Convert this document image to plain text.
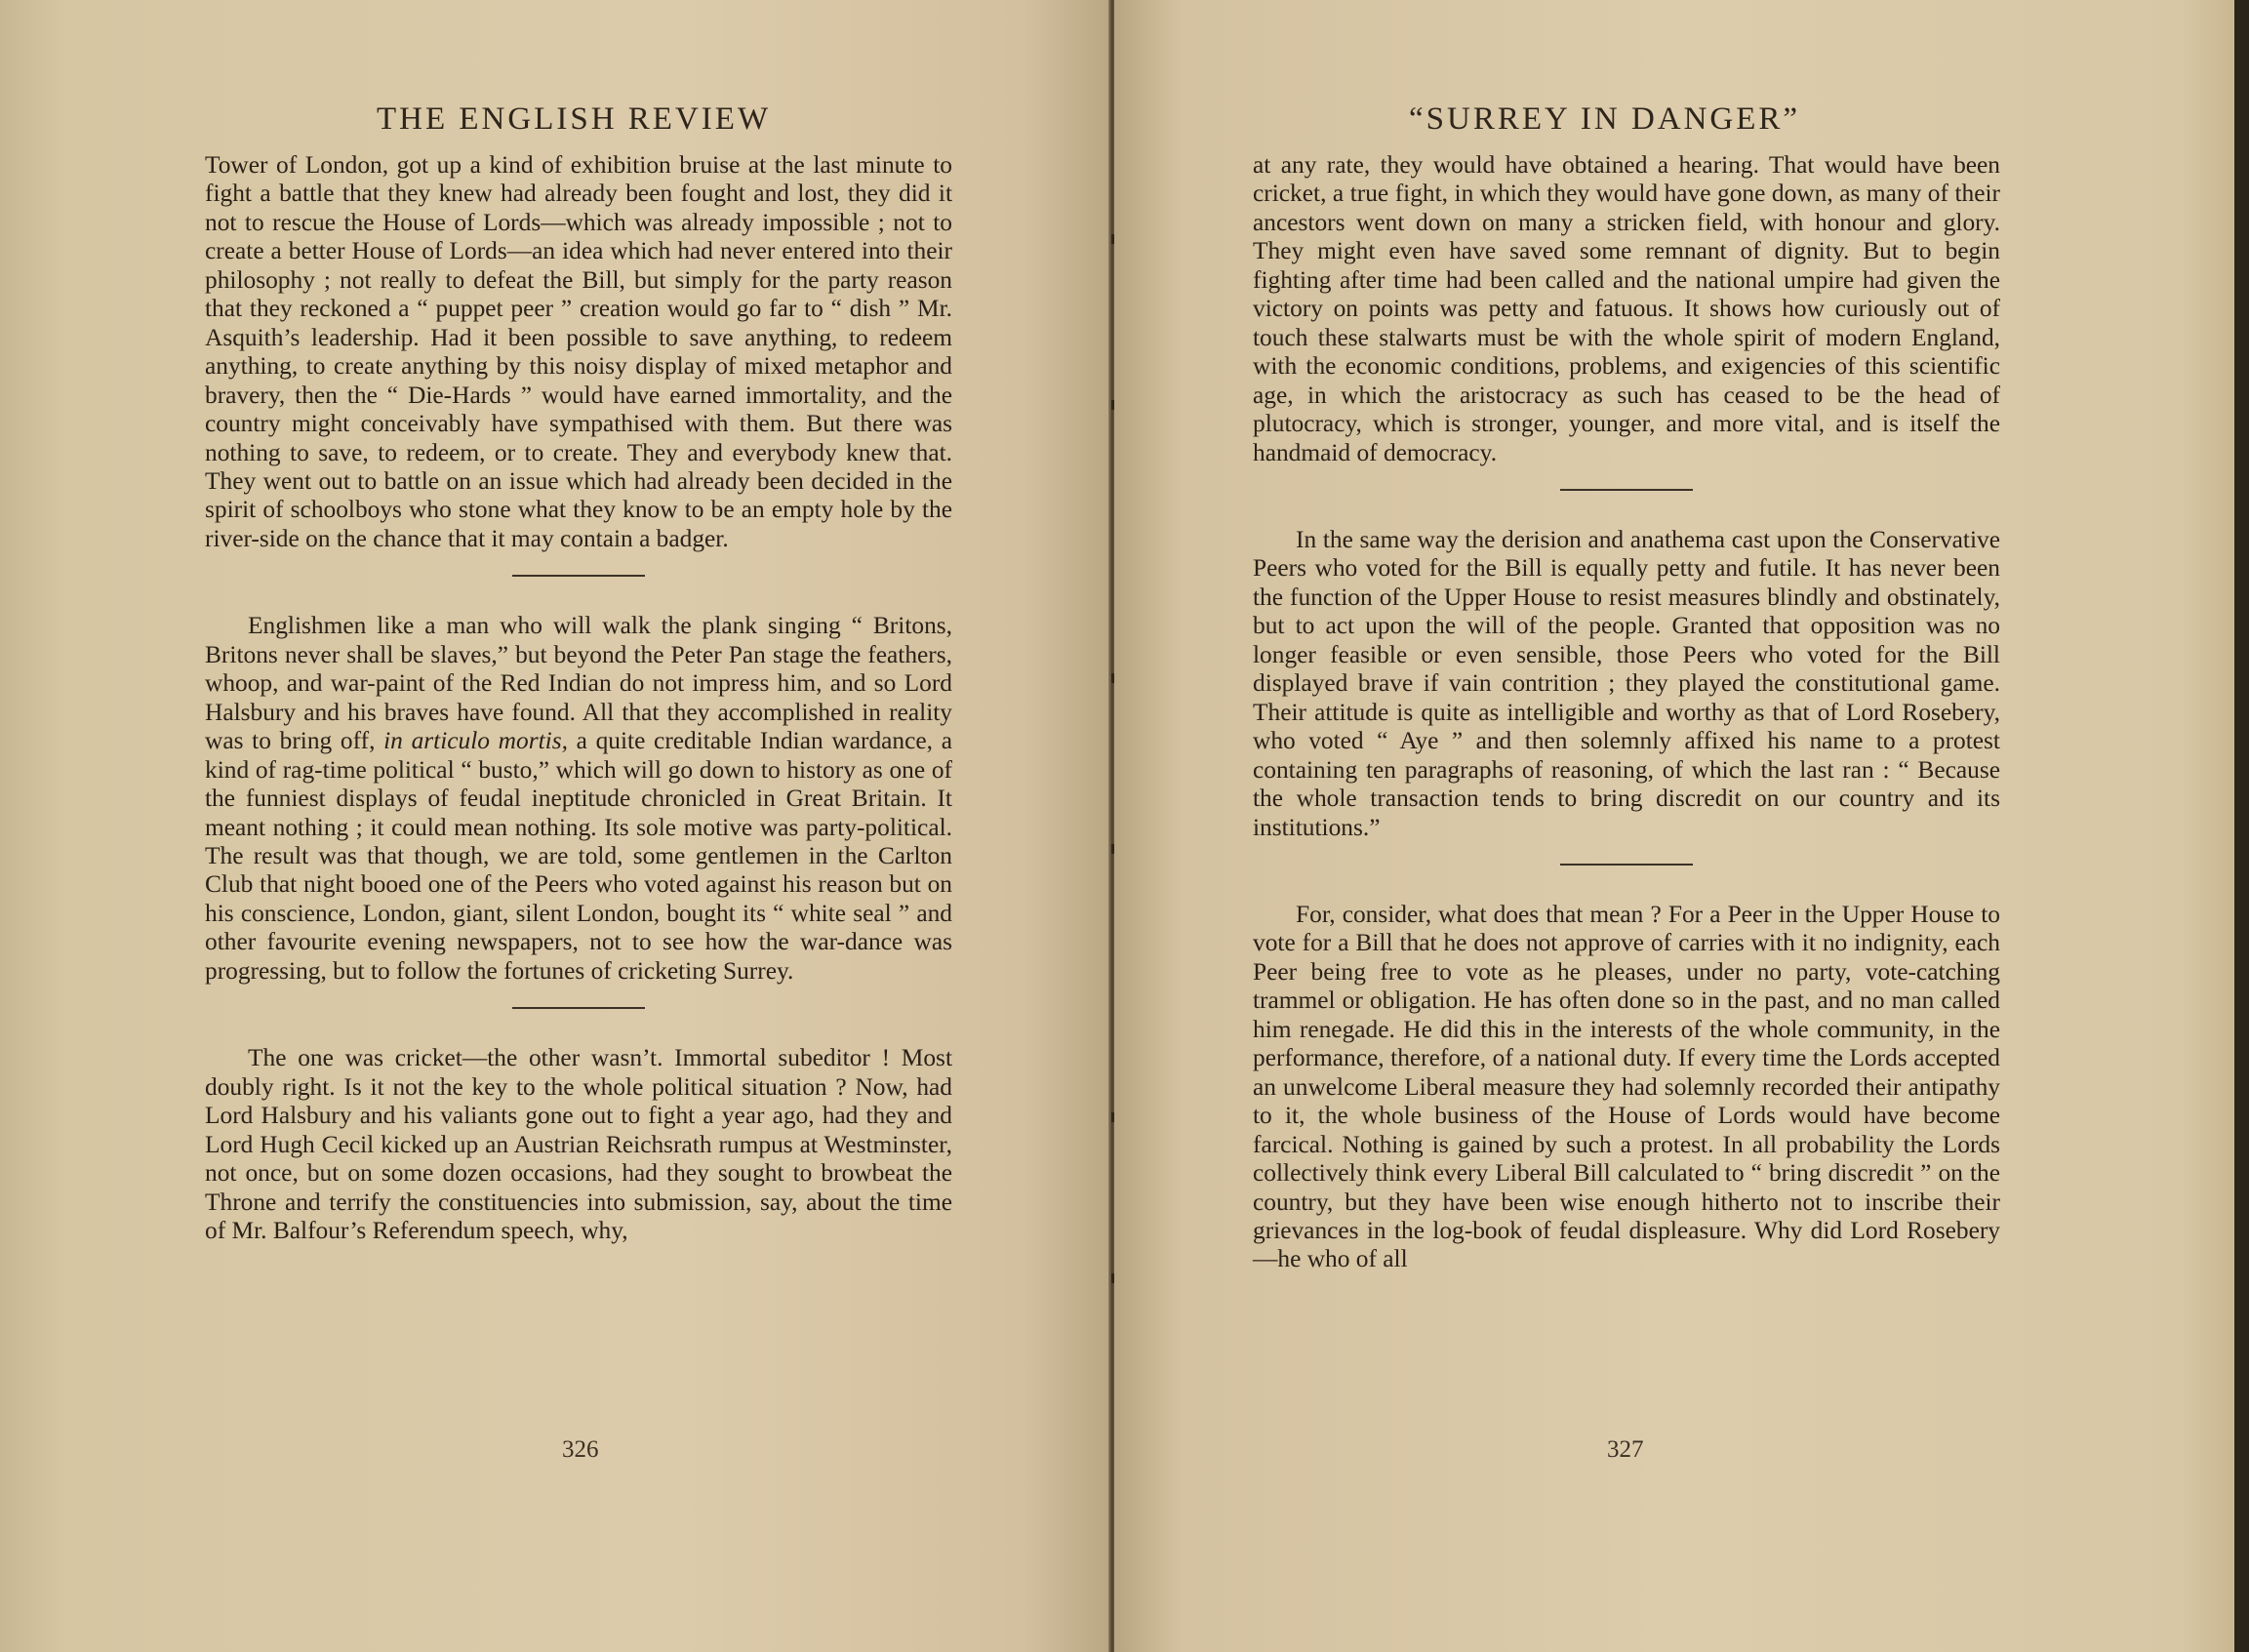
THE ENGLISH REVIEW

Tower of London, got up a kind of exhibition bruise at the last minute to fight a battle that they knew had already been fought and lost, they did it not to rescue the House of Lords—which was already impossible ; not to create a better House of Lords—an idea which had never entered into their philosophy ; not really to defeat the Bill, but simply for the party reason that they reckoned a “ puppet peer ” creation would go far to “ dish ” Mr. Asquith’s leadership. Had it been possible to save anything, to redeem anything, to create anything by this noisy display of mixed metaphor and bravery, then the “ Die-Hards ” would have earned immortality, and the country might conceivably have sympathised with them. But there was nothing to save, to redeem, or to create. They and everybody knew that. They went out to battle on an issue which had already been decided in the spirit of schoolboys who stone what they know to be an empty hole by the river-side on the chance that it may contain a badger.

Englishmen like a man who will walk the plank singing “ Britons, Britons never shall be slaves,” but beyond the Peter Pan stage the feathers, whoop, and war-paint of the Red Indian do not impress him, and so Lord Halsbury and his braves have found. All that they accomplished in reality was to bring off, in articulo mortis, a quite creditable Indian wardance, a kind of rag-time political “ busto,” which will go down to history as one of the funniest displays of feudal ineptitude chronicled in Great Britain. It meant nothing ; it could mean nothing. Its sole motive was party-political. The result was that though, we are told, some gentlemen in the Carlton Club that night booed one of the Peers who voted against his reason but on his conscience, London, giant, silent London, bought its “ white seal ” and other favourite evening newspapers, not to see how the war-dance was progressing, but to follow the fortunes of cricketing Surrey.

The one was cricket—the other wasn’t. Immortal subeditor ! Most doubly right. Is it not the key to the whole political situation ? Now, had Lord Halsbury and his valiants gone out to fight a year ago, had they and Lord Hugh Cecil kicked up an Austrian Reichsrath rumpus at Westminster, not once, but on some dozen occasions, had they sought to browbeat the Throne and terrify the constituencies into submission, say, about the time of Mr. Balfour’s Referendum speech, why,

326
“SURREY IN DANGER”

at any rate, they would have obtained a hearing. That would have been cricket, a true fight, in which they would have gone down, as many of their ancestors went down on many a stricken field, with honour and glory. They might even have saved some remnant of dignity. But to begin fighting after time had been called and the national umpire had given the victory on points was petty and fatuous. It shows how curiously out of touch these stalwarts must be with the whole spirit of modern England, with the economic conditions, problems, and exigencies of this scientific age, in which the aristocracy as such has ceased to be the head of plutocracy, which is stronger, younger, and more vital, and is itself the handmaid of democracy.

In the same way the derision and anathema cast upon the Conservative Peers who voted for the Bill is equally petty and futile. It has never been the function of the Upper House to resist measures blindly and obstinately, but to act upon the will of the people. Granted that opposition was no longer feasible or even sensible, those Peers who voted for the Bill displayed brave if vain contrition ; they played the constitutional game. Their attitude is quite as intelligible and worthy as that of Lord Rosebery, who voted “ Aye ” and then solemnly affixed his name to a protest containing ten paragraphs of reasoning, of which the last ran : “ Because the whole transaction tends to bring discredit on our country and its institutions.”

For, consider, what does that mean ? For a Peer in the Upper House to vote for a Bill that he does not approve of carries with it no indignity, each Peer being free to vote as he pleases, under no party, vote-catching trammel or obligation. He has often done so in the past, and no man called him renegade. He did this in the interests of the whole community, in the performance, therefore, of a national duty. If every time the Lords accepted an unwelcome Liberal measure they had solemnly recorded their antipathy to it, the whole business of the House of Lords would have become farcical. Nothing is gained by such a protest. In all probability the Lords collectively think every Liberal Bill calculated to “ bring discredit ” on the country, but they have been wise enough hitherto not to inscribe their grievances in the log-book of feudal displeasure. Why did Lord Rosebery—he who of all

327
